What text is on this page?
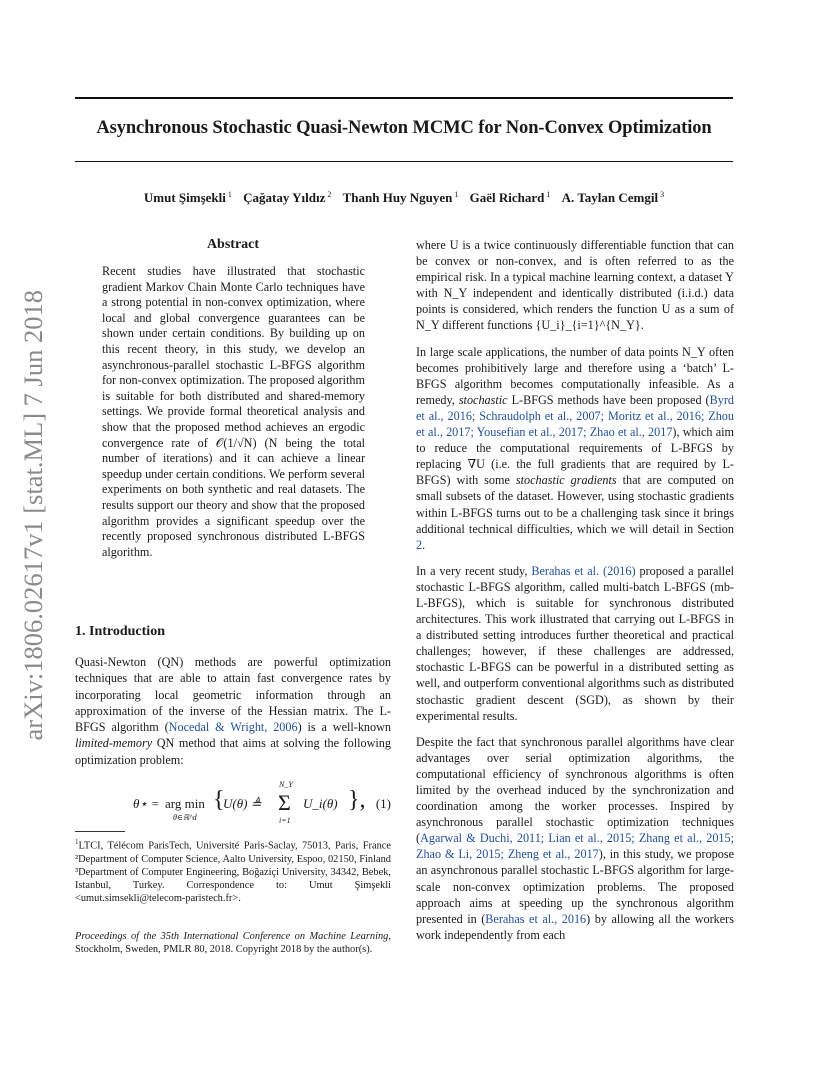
arXiv:1806.02617v1 [stat.ML] 7 Jun 2018
Asynchronous Stochastic Quasi-Newton MCMC for Non-Convex Optimization
Umut Şimşekli $^1$ Çağatay Yıldız $^2$ Thanh Huy Nguyen $^1$ Gaël Richard $^1$ A. Taylan Cemgil $^3$
Abstract
Recent studies have illustrated that stochastic gradient Markov Chain Monte Carlo techniques have a strong potential in non-convex optimization, where local and global convergence guarantees can be shown under certain conditions. By building up on this recent theory, in this study, we develop an asynchronous-parallel stochastic L-BFGS algorithm for non-convex optimization. The proposed algorithm is suitable for both distributed and shared-memory settings. We provide formal theoretical analysis and show that the proposed method achieves an ergodic convergence rate of 𝒪(1/√N) (N being the total number of iterations) and it can achieve a linear speedup under certain conditions. We perform several experiments on both synthetic and real datasets. The results support our theory and show that the proposed algorithm provides a significant speedup over the recently proposed synchronous distributed L-BFGS algorithm.
1. Introduction
Quasi-Newton (QN) methods are powerful optimization techniques that are able to attain fast convergence rates by incorporating local geometric information through an approximation of the inverse of the Hessian matrix. The L-BFGS algorithm (Nocedal & Wright, 2006) is a well-known limited-memory QN method that aims at solving the following optimization problem:
θ⋆ = arg min
θ∈ℝ^d
{
U(θ) ≜
N_Y
Σ
i=1
U_i(θ) }, (1)
$^1$LTCI, Télécom ParisTech, Université Paris-Saclay, 75013, Paris, France ²Department of Computer Science, Aalto University, Espoo, 02150, Finland ³Department of Computer Engineering, Boğaziçi University, 34342, Bebek, Istanbul, Turkey. Correspondence to: Umut Şimşekli <umut.simsekli@telecom-paristech.fr>.
Proceedings of the 35th International Conference on Machine Learning, Stockholm, Sweden, PMLR 80, 2018. Copyright 2018 by the author(s).

where U is a twice continuously differentiable function that can be convex or non-convex, and is often referred to as the empirical risk. In a typical machine learning context, a dataset Y with N_Y independent and identically distributed (i.i.d.) data points is considered, which renders the function U as a sum of N_Y different functions {U_i}_{i=1}^{N_Y}.

In large scale applications, the number of data points N_Y often becomes prohibitively large and therefore using a ‘batch’ L-BFGS algorithm becomes computationally infeasible. As a remedy, stochastic L-BFGS methods have been proposed (Byrd et al., 2016; Schraudolph et al., 2007; Moritz et al., 2016; Zhou et al., 2017; Yousefian et al., 2017; Zhao et al., 2017), which aim to reduce the computational requirements of L-BFGS by replacing ∇U (i.e. the full gradients that are required by L-BFGS) with some stochastic gradients that are computed on small subsets of the dataset. However, using stochastic gradients within L-BFGS turns out to be a challenging task since it brings additional technical difficulties, which we will detail in Section 2.

In a very recent study, Berahas et al. (2016) proposed a parallel stochastic L-BFGS algorithm, called multi-batch L-BFGS (mb-L-BFGS), which is suitable for synchronous distributed architectures. This work illustrated that carrying out L-BFGS in a distributed setting introduces further theoretical and practical challenges; however, if these challenges are addressed, stochastic L-BFGS can be powerful in a distributed setting as well, and outperform conventional algorithms such as distributed stochastic gradient descent (SGD), as shown by their experimental results.

Despite the fact that synchronous parallel algorithms have clear advantages over serial optimization algorithms, the computational efficiency of synchronous algorithms is often limited by the overhead induced by the synchronization and coordination among the worker processes. Inspired by asynchronous parallel stochastic optimization techniques (Agarwal & Duchi, 2011; Lian et al., 2015; Zhang et al., 2015; Zhao & Li, 2015; Zheng et al., 2017), in this study, we propose an asynchronous parallel stochastic L-BFGS algorithm for large-scale non-convex optimization problems. The proposed approach aims at speeding up the synchronous algorithm presented in (Berahas et al., 2016) by allowing all the workers work independently from each
